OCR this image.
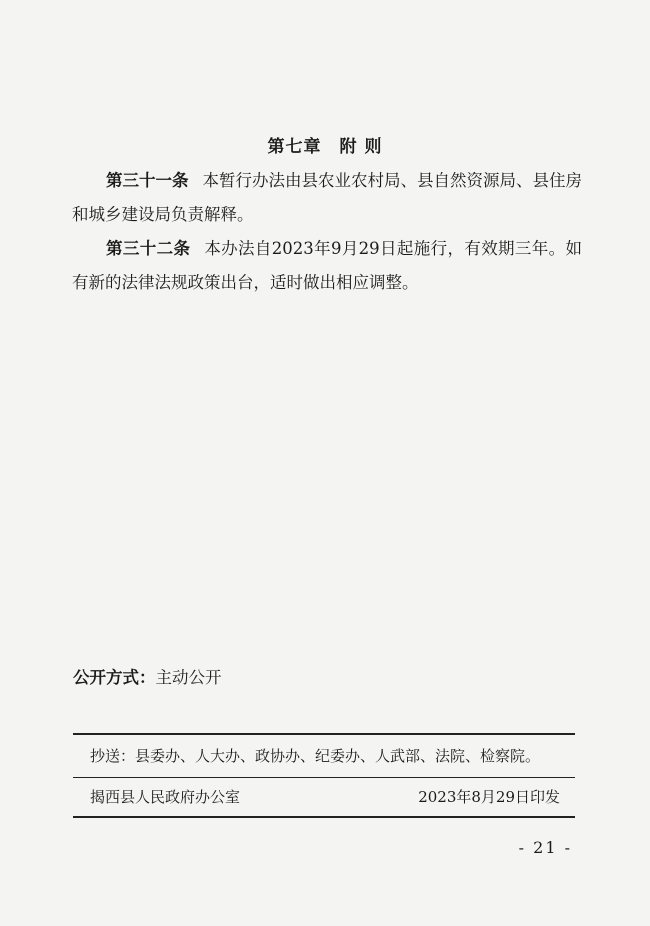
第七章　附 则
第三十一条 本暂行办法由县农业农村局、县自然资源局、县住房和城乡建设局负责解释。
第三十二条 本办法自2023年9月29日起施行，有效期三年。如有新的法律法规政策出台，适时做出相应调整。
公开方式：主动公开
抄送：县委办、人大办、政协办、纪委办、人武部、法院、检察院。
揭西县人民政府办公室	2023年8月29日印发
- 21 -
